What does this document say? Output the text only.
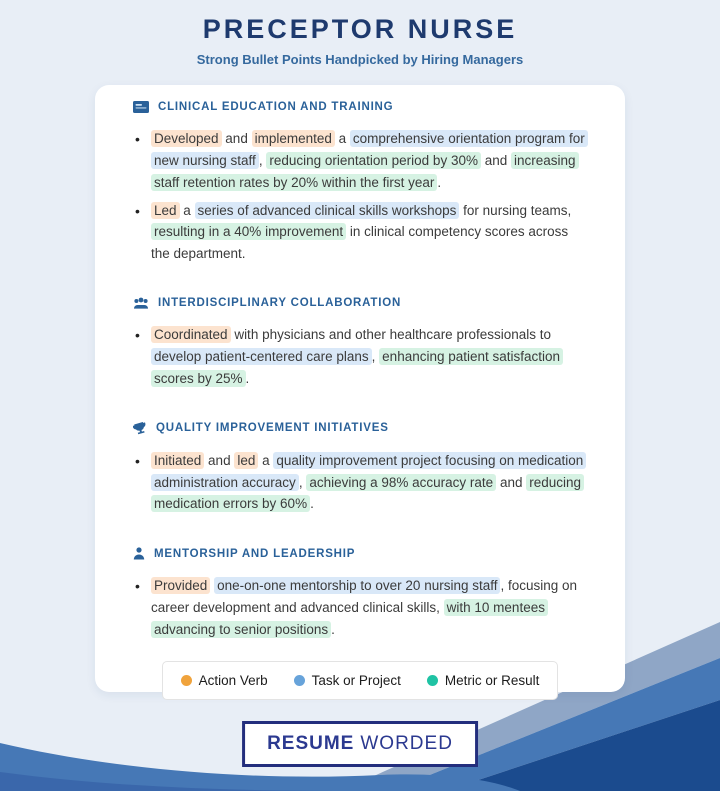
PRECEPTOR NURSE
Strong Bullet Points Handpicked by Hiring Managers
CLINICAL EDUCATION AND TRAINING
• Developed and implemented a comprehensive orientation program for new nursing staff , reducing orientation period by 30% and increasing staff retention rates by 20% within the first year .
• Led a series of advanced clinical skills workshops for nursing teams, resulting in a 40% improvement in clinical competency scores across the department.
INTERDISCIPLINARY COLLABORATION
• Coordinated with physicians and other healthcare professionals to develop patient-centered care plans , enhancing patient satisfaction scores by 25% .
QUALITY IMPROVEMENT INITIATIVES
• Initiated and led a quality improvement project focusing on medication administration accuracy , achieving a 98% accuracy rate and reducing medication errors by 60% .
MENTORSHIP AND LEADERSHIP
• Provided one-on-one mentorship to over 20 nursing staff , focusing on career development and advanced clinical skills, with 10 mentees advancing to senior positions .
Action Verb	Task or Project	Metric or Result
RESUME WORDED
